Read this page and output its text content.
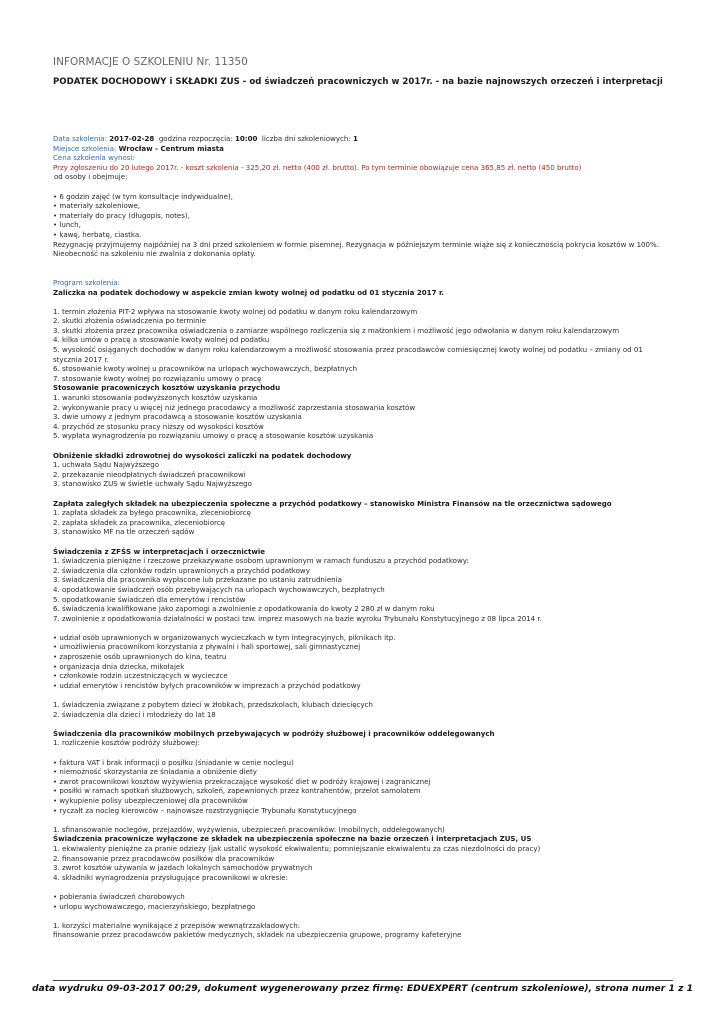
INFORMACJE O SZKOLENIU Nr. 11350
PODATEK DOCHODOWY i SKŁADKI ZUS - od świadczeń pracowniczych w 2017r. - na bazie najnowszych orzeczeń i interpretacji
Data szkolenia: 2017-02-28 godzina rozpoczęcia: 10:00 liczba dni szkoleniowych: 1
Miejsce szkolenia: Wrocław - Centrum miasta
Cena szkolenia wynosi:
Przy zgłoszeniu do 20 lutego 2017r. - koszt szkolenia - 325,20 zł. netto (400 zł. brutto). Po tym terminie obowiązuje cena 365,85 zł. netto (450 brutto)
od osoby i obejmuje:
• 6 godzin zajęć (w tym konsultacje indywidualne),
• materiały szkoleniowe,
• materiały do pracy (długopis, notes),
• lunch,
• kawę, herbatę, ciastka.
Rezygnację przyjmujemy najpóźniej na 3 dni przed szkoleniem w formie pisemnej. Rezygnacja w późniejszym terminie wiąże się z koniecznością pokrycia kosztów w 100%. Nieobecność na szkoleniu nie zwalnia z dokonania opłaty.
Program szkolenia:
Zaliczka na podatek dochodowy w aspekcie zmian kwoty wolnej od podatku od 01 stycznia 2017 r.
1. termin złożenia PIT-2 wpływa na stosowanie kwoty wolnej od podatku w danym roku kalendarzowym
2. skutki złożenia oświadczenia po terminie
3. skutki złożenia przez pracownika oświadczenia o zamiarze wspólnego rozliczenia się z małżonkiem i możliwość jego odwołania w danym roku kalendarzowym
4. kilka umów o pracę a stosowanie kwoty wolnej od podatku
5. wysokość osiąganych dochodów w danym roku kalendarzowym a możliwość stosowania przez pracodawców comiesięcznej kwoty wolnej od podatku – zmiany od 01 stycznia 2017 r.
6. stosowanie kwoty wolnej u pracowników na urlopach wychowawczych, bezpłatnych
7. stosowanie kwoty wolnej po rozwiązaniu umowy o pracę
Stosowanie pracowniczych kosztów uzyskania przychodu
1. warunki stosowania podwyższonych kosztów uzyskania
2. wykonywanie pracy u więcej niż jednego pracodawcy a możliwość zaprzestania stosowania kosztów
3. dwie umowy z jednym pracodawcą a stosowanie kosztów uzyskania
4. przychód ze stosunku pracy niższy od wysokości kosztów
5. wypłata wynagrodzenia po rozwiązaniu umowy o pracę a stosowanie kosztów uzyskania
Obniżenie składki zdrowotnej do wysokości zaliczki na podatek dochodowy
1. uchwała Sądu Najwyższego
2. przekazanie nieodpłatnych świadczeń pracownikowi
3. stanowisko ZUS w świetle uchwały Sądu Najwyższego
Zapłata zaległych składek na ubezpieczenia społeczne a przychód podatkowy – stanowisko Ministra Finansów na tle orzecznictwa sądowego
1. zapłata składek za byłego pracownika, zleceniobiorcę
2. zapłata składek za pracownika, zleceniobiorcę
3. stanowisko MF na tle orzeczeń sądów
Świadczenia z ZFŚS w interpretacjach i orzecznictwie
1. świadczenia pieniężne i rzeczowe przekazywane osobom uprawnionym w ramach funduszu a przychód podatkowy:
2. świadczenia dla członków rodzin uprawnionych a przychód podatkowy
3. świadczenia dla pracownika wypłacone lub przekazane po ustaniu zatrudnienia
4. opodatkowanie świadczeń osób przebywających na urlopach wychowawczych, bezpłatnych
5. opodatkowanie świadczeń dla emerytów i rencistów
6. świadczenia kwalifikowane jako zapomogi a zwolnienie z opodatkowania do kwoty 2 280 zł w danym roku
7. zwolnienie z opodatkowania działalności w postaci tzw. imprez masowych na bazie wyroku Trybunału Konstytucyjnego z 08 lipca 2014 r.
• udział osób uprawnionych w organizowanych wycieczkach w tym integracyjnych, piknikach itp.
• umożliwienia pracownikom korzystania z pływalni i hali sportowej, sali gimnastycznej
• zaproszenie osób uprawnionych do kina, teatru
• organizacja dnia dziecka, mikołajek
• członkowie rodzin uczestniczących w wycieczce
• udział emerytów i rencistów byłych pracowników w imprezach a przychód podatkowy
1. świadczenia związane z pobytem dzieci w żłobkach, przedszkolach, klubach dziecięcych
2. świadczenia dla dzieci i młodzieży do lat 18
Świadczenia dla pracowników mobilnych przebywających w podróży służbowej i pracowników oddelegowanych
1. rozliczenie kosztów podróży służbowej:
• faktura VAT i brak informacji o posiłku (śniadanie w cenie noclegu)
• niemożność skorzystania ze śniadania a obniżenie diety
• zwrot pracownikowi kosztów wyżywienia przekraczające wysokość diet w podróży krajowej i zagranicznej
• posiłki w ramach spotkań służbowych, szkoleń, zapewnionych przez kontrahentów, przelot samolotem
• wykupienie polisy ubezpieczeniowej dla pracowników
• ryczałt za nocleg kierowców – najnowsze rozstrzygnięcie Trybunału Konstytucyjnego
1. sfinansowanie noclegów, przejazdów, wyżywienia, ubezpieczeń pracowników: (mobilnych; oddelegowanych)
Świadczenia pracownicze wyłączone ze składek na ubezpieczenia społeczne na bazie orzeczeń i interpretacjach ZUS, US
1. ekwiwalenty pieniężne za pranie odzieży (jak ustalić wysokość ekwiwalentu; pomniejszanie ekwiwalentu za czas niezdolności do pracy)
2. finansowanie przez pracodawców posiłków dla pracowników
3. zwrot kosztów używania w jazdach lokalnych samochodów prywatnych
4. składniki wynagrodzenia przysługujące pracownikowi w okresie:
• pobierania świadczeń chorobowych
• urlopu wychowawczego, macierzyńskiego, bezpłatnego
1. korzyści materialne wynikające z przepisów wewnątrzzakładowych:
finansowanie przez pracodawców pakietów medycznych, składek na ubezpieczenia grupowe, programy kafeteryjne
data wydruku 09-03-2017 00:29, dokument wygenerowany przez firmę: EDUEXPERT (centrum szkoleniowe), strona numer 1 z 1
